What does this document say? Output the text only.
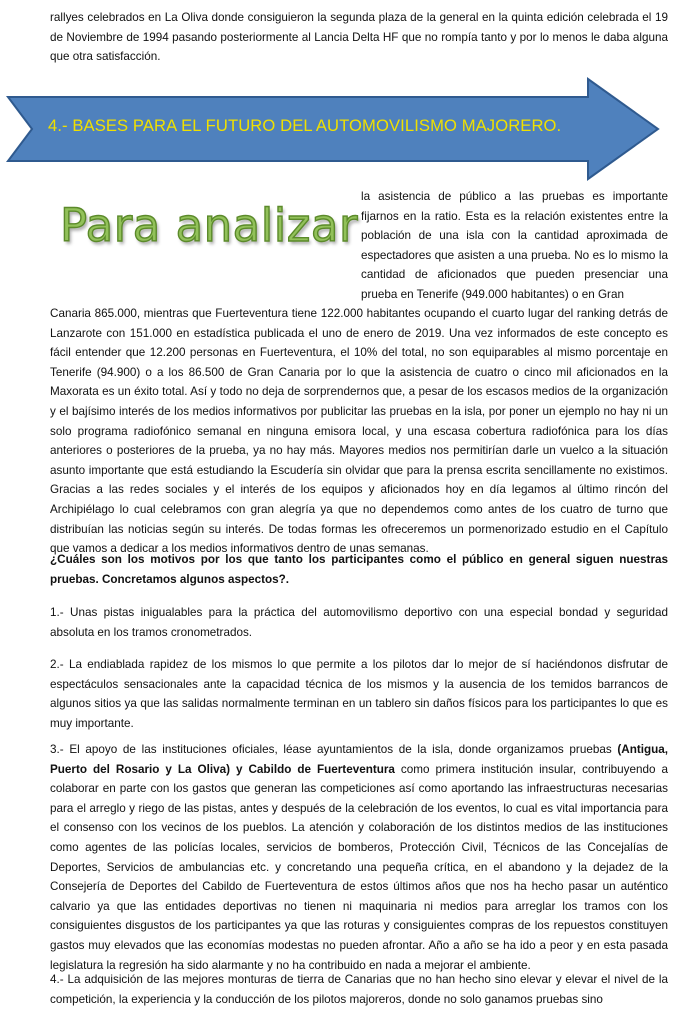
rallyes celebrados en La Oliva donde consiguieron la segunda plaza de la general en la quinta edición celebrada el 19 de Noviembre de 1994 pasando posteriormente al Lancia Delta HF que no rompía tanto y por lo menos le daba alguna que otra satisfacción.

4.- BASES PARA EL FUTURO DEL AUTOMOVILISMO MAJORERO.
Para analizar

la asistencia de público a las pruebas es importante fijarnos en la ratio. Esta es la relación existentes entre la población de una isla con la cantidad aproximada de espectadores que asisten a una prueba. No es lo mismo la cantidad de aficionados que pueden presenciar una prueba en Tenerife (949.000 habitantes) o en Gran

Canaria 865.000, mientras que Fuerteventura tiene 122.000 habitantes ocupando el cuarto lugar del ranking detrás de Lanzarote con 151.000 en estadística publicada el uno de enero de 2019. Una vez informados de este concepto es fácil entender que 12.200 personas en Fuerteventura, el 10% del total, no son equiparables al mismo porcentaje en Tenerife (94.900) o a los 86.500 de Gran Canaria por lo que la asistencia de cuatro o cinco mil aficionados en la Maxorata es un éxito total. Así y todo no deja de sorprendernos que, a pesar de los escasos medios de la organización y el bajísimo interés de los medios informativos por publicitar las pruebas en la isla, por poner un ejemplo no hay ni un solo programa radiofónico semanal en ninguna emisora local, y una escasa cobertura radiofónica para los días anteriores o posteriores de la prueba, ya no hay más. Mayores medios nos permitirían darle un vuelco a la situación asunto importante que está estudiando la Escudería sin olvidar que para la prensa escrita sencillamente no existimos. Gracias a las redes sociales y el interés de los equipos y aficionados hoy en día legamos al último rincón del Archipiélago lo cual celebramos con gran alegría ya que no dependemos como antes de los cuatro de turno que distribuían las noticias según su interés. De todas formas les ofreceremos un pormenorizado estudio en el Capítulo que vamos a dedicar a los medios informativos dentro de unas semanas.

¿Cuáles son los motivos por los que tanto los participantes como el público en general siguen nuestras pruebas. Concretamos algunos aspectos?.

1.- Unas pistas inigualables para la práctica del automovilismo deportivo con una especial bondad y seguridad absoluta en los tramos cronometrados.

2.- La endiablada rapidez de los mismos lo que permite a los pilotos dar lo mejor de sí haciéndonos disfrutar de espectáculos sensacionales ante la capacidad técnica de los mismos y la ausencia de los temidos barrancos de algunos sitios ya que las salidas normalmente terminan en un tablero sin daños físicos para los participantes lo que es muy importante.

3.- El apoyo de las instituciones oficiales, léase ayuntamientos de la isla, donde organizamos pruebas (Antigua, Puerto del Rosario y La Oliva) y Cabildo de Fuerteventura como primera institución insular, contribuyendo a colaborar en parte con los gastos que generan las competiciones así como aportando las infraestructuras necesarias para el arreglo y riego de las pistas, antes y después de la celebración de los eventos, lo cual es vital importancia para el consenso con los vecinos de los pueblos. La atención y colaboración de los distintos medios de las instituciones como agentes de las policías locales, servicios de bomberos, Protección Civil, Técnicos de las Concejalías de Deportes, Servicios de ambulancias etc. y concretando una pequeña crítica, en el abandono y la dejadez de la Consejería de Deportes del Cabildo de Fuerteventura de estos últimos años que nos ha hecho pasar un auténtico calvario ya que las entidades deportivas no tienen ni maquinaria ni medios para arreglar los tramos con los consiguientes disgustos de los participantes ya que las roturas y consiguientes compras de los repuestos constituyen gastos muy elevados que las economías modestas no pueden afrontar. Año a año se ha ido a peor y en esta pasada legislatura la regresión ha sido alarmante y no ha contribuido en nada a mejorar el ambiente.

4.- La adquisición de las mejores monturas de tierra de Canarias que no han hecho sino elevar y elevar el nivel de la competición, la experiencia y la conducción de los pilotos majoreros, donde no solo ganamos pruebas sino
